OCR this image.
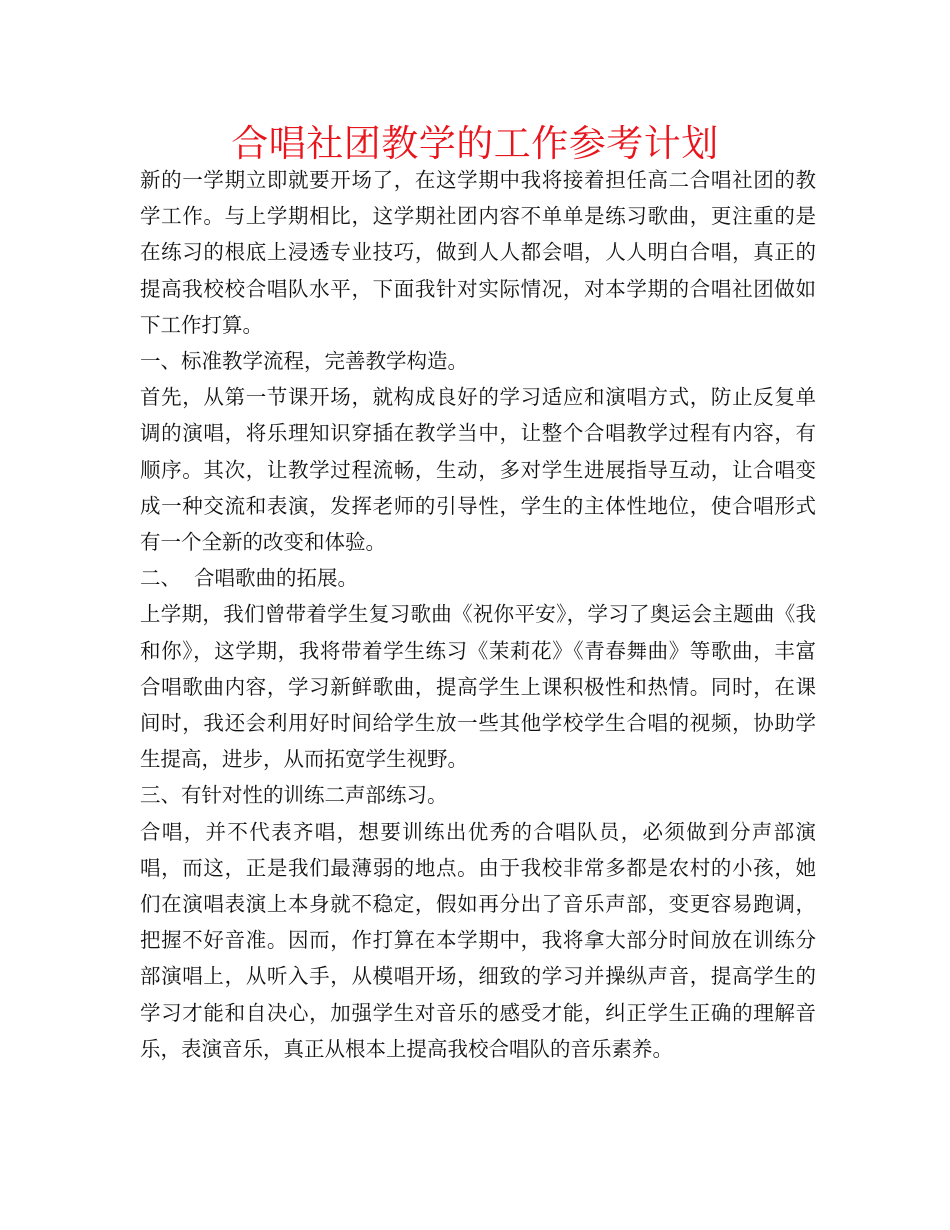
合唱社团教学的工作参考计划

新的一学期立即就要开场了，在这学期中我将接着担任高二合唱社团的教学工作。与上学期相比，这学期社团内容不单单是练习歌曲，更注重的是在练习的根底上浸透专业技巧，做到人人都会唱，人人明白合唱，真正的提高我校校合唱队水平，下面我针对实际情况，对本学期的合唱社团做如下工作打算。

一、标准教学流程，完善教学构造。

首先，从第一节课开场，就构成良好的学习适应和演唱方式，防止反复单调的演唱，将乐理知识穿插在教学当中，让整个合唱教学过程有内容，有顺序。其次，让教学过程流畅，生动，多对学生进展指导互动，让合唱变成一种交流和表演，发挥老师的引导性，学生的主体性地位，使合唱形式有一个全新的改变和体验。

二、  合唱歌曲的拓展。

上学期，我们曾带着学生复习歌曲《祝你平安》，学习了奥运会主题曲《我和你》，这学期，我将带着学生练习《茉莉花》《青春舞曲》等歌曲，丰富合唱歌曲内容，学习新鲜歌曲，提高学生上课积极性和热情。同时，在课间时，我还会利用好时间给学生放一些其他学校学生合唱的视频，协助学生提高，进步，从而拓宽学生视野。

三、有针对性的训练二声部练习。

合唱，并不代表齐唱，想要训练出优秀的合唱队员，必须做到分声部演唱，而这，正是我们最薄弱的地点。由于我校非常多都是农村的小孩，她们在演唱表演上本身就不稳定，假如再分出了音乐声部，变更容易跑调，把握不好音准。因而，作打算在本学期中，我将拿大部分时间放在训练分部演唱上，从听入手，从模唱开场，细致的学习并操纵声音，提高学生的学习才能和自决心，加强学生对音乐的感受才能，纠正学生正确的理解音乐，表演音乐，真正从根本上提高我校合唱队的音乐素养。
